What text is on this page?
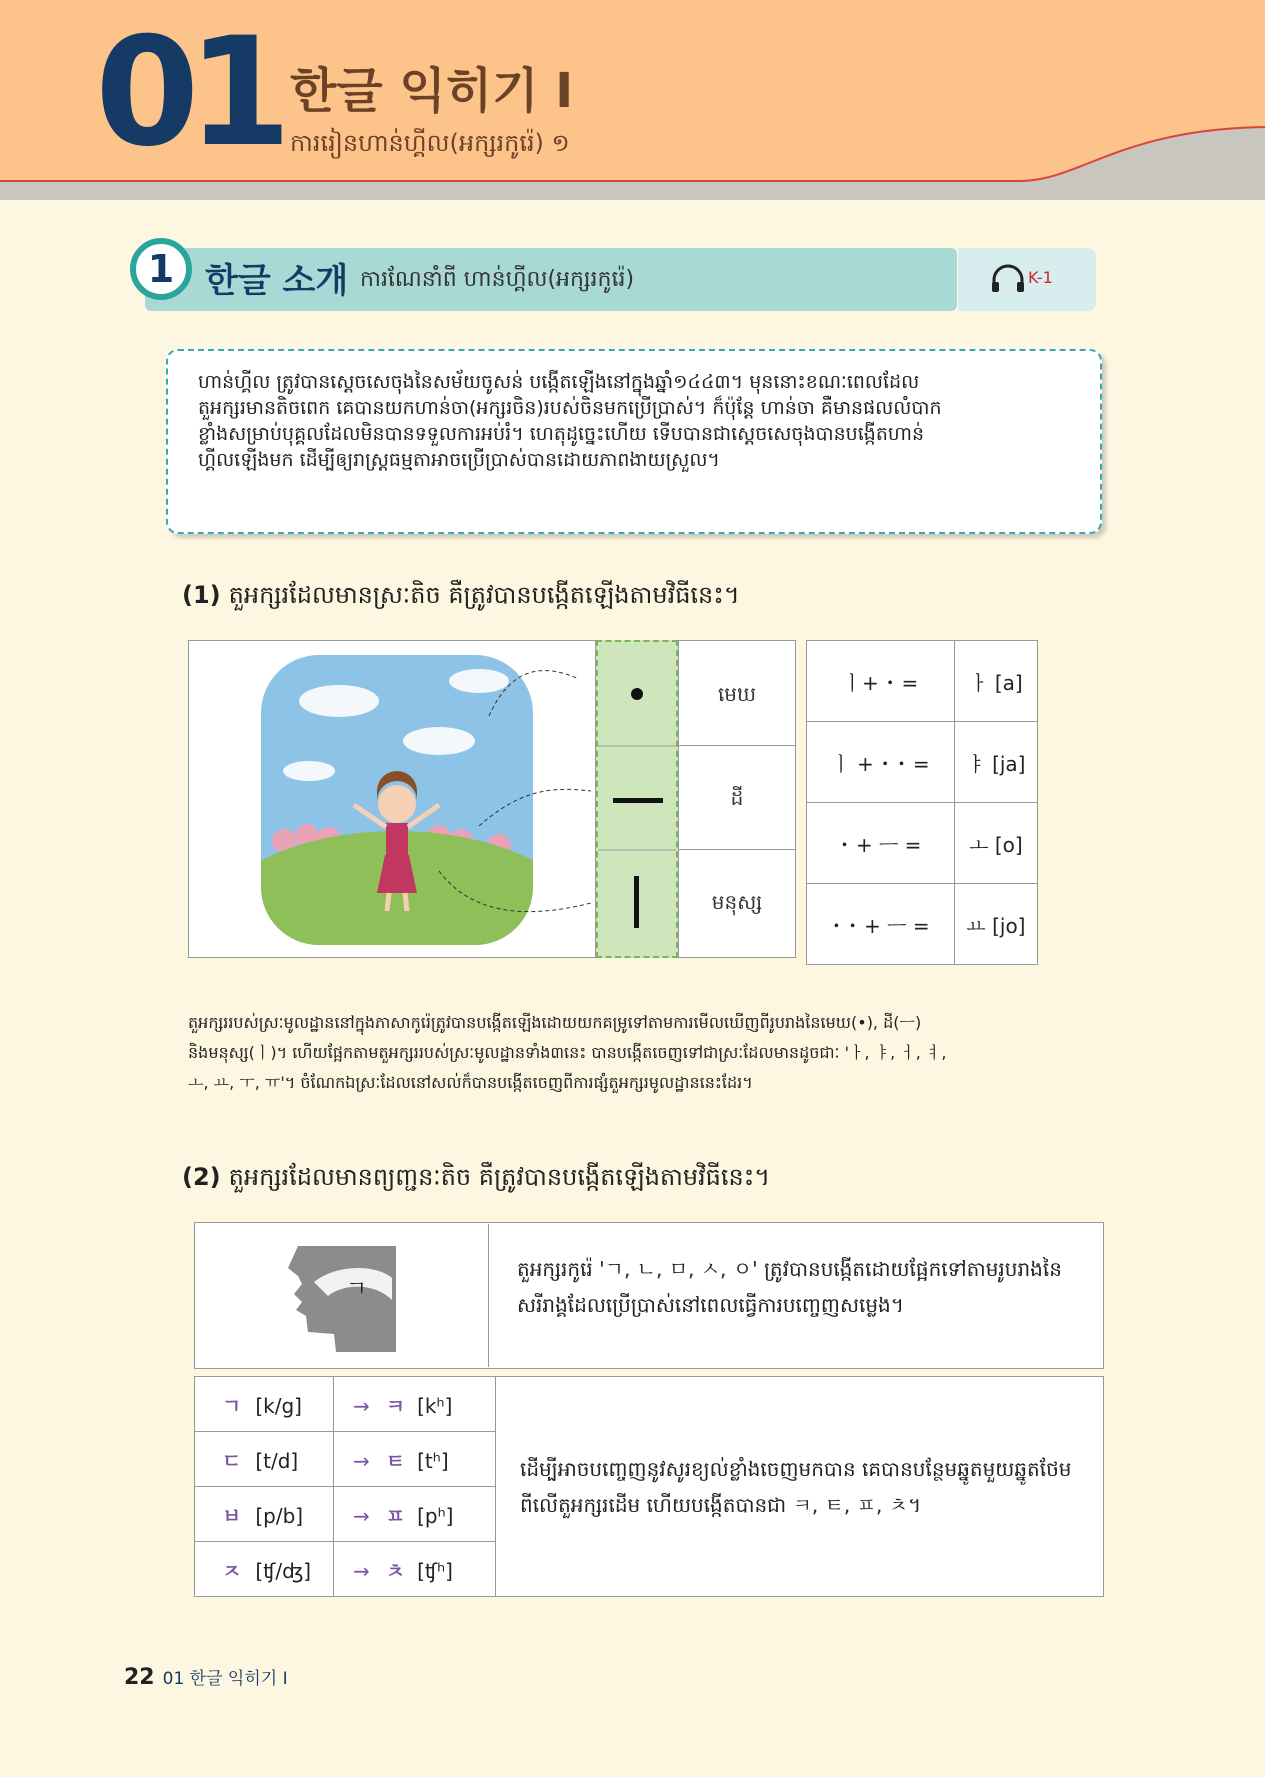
01 한글 익히기 I
ការរៀនហាន់ហ្គីល(អក្សរកូរ៉េ) ១
1 한글 소개 ការណែនាំពី ហាន់ហ្គីល(អក្សរកូរ៉េ)	K-1

ហាន់ហ្គីល ត្រូវបានស្ដេចសេចុងនៃសម័យចូសន់ បង្កើតឡើងនៅក្នុងឆ្នាំ១៤៤៣។ មុននោះខណៈពេលដែល
តួអក្សរមានតិចពេក គេបានយកហាន់ចា(អក្សរចិន)របស់ចិនមកប្រើប្រាស់។ ក៏ប៉ុន្តែ ហាន់ចា គឺមានផលលំបាក
ខ្លាំងសម្រាប់បុគ្គលដែលមិនបានទទួលការអប់រំ។ ហេតុដូច្នេះហើយ ទើបបានជាស្ដេចសេចុងបានបង្កើតហាន់
ហ្គីលឡើងមក ដើម្បីឲ្យរាស្ត្រធម្មតាអាចប្រើប្រាស់បានដោយភាពងាយស្រួល។

(1) តួអក្សរដែលមានស្រៈតិច គឺត្រូវបានបង្កើតឡើងតាមវិធីនេះ។
មេឃ
ដី
មនុស្ស
ㅣ+ ･ =	ㅏ [a]
ㅣ + ･ ･ =	ㅑ [ja]
･ + ㅡ =	ㅗ [o]
･ ･ + ㅡ =	ㅛ [jo]

តួអក្សររបស់ស្រៈមូលដ្ឋាននៅក្នុងភាសាកូរ៉េត្រូវបានបង្កើតឡើងដោយយកគម្រូទៅតាមការមើលឃើញពីរូបរាងនៃមេឃ(•), ដី(ㅡ)
និងមនុស្ស(ㅣ)។ ហើយផ្អែកតាមតួអក្សររបស់ស្រៈមូលដ្ឋានទាំង៣នេះ បានបង្កើតចេញទៅជាស្រៈដែលមានដូចជាៈ 'ㅏ, ㅑ, ㅓ, ㅕ,
ㅗ, ㅛ, ㅜ, ㅠ'។ ចំណែកឯស្រៈដែលនៅសល់ក៏បានបង្កើតចេញពីការផ្សំតួអក្សរមូលដ្ឋាននេះដែរ។

(2) តួអក្សរដែលមានព្យញ្ជនៈតិច គឺត្រូវបានបង្កើតឡើងតាមវិធីនេះ។
ㄱ

តួអក្សរកូរ៉េ 'ㄱ, ㄴ, ㅁ, ㅅ, ㅇ' ត្រូវបានបង្កើតដោយផ្អែកទៅតាមរូបរាងនៃសរីរាង្គដែលប្រើប្រាស់នៅពេលធ្វើការបញ្ចេញសម្លេង។

ㄱ [k/g]	→ ㅋ [kʰ]	ដើម្បីអាចបញ្ចេញនូវសូរខ្យល់ខ្លាំងចេញមកបាន គេបានបន្ថែមឆ្នូតមួយឆ្នូតថែមពីលើតួអក្សរដើម ហើយបង្កើតបានជា ㅋ, ㅌ, ㅍ, ㅊ។
ㄷ [t/d]	→ ㅌ [tʰ]	
ㅂ [p/b]	→ ㅍ [pʰ]	
ㅈ [ʧ/ʤ]	→ ㅊ [ʧʰ]	
22 01 한글 익히기 I
